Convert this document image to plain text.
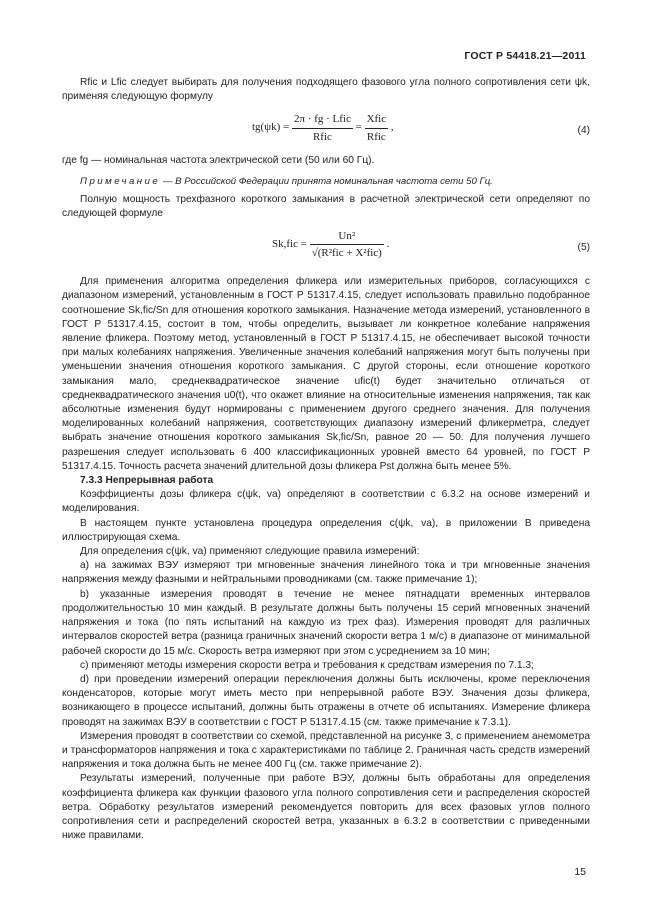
ГОСТ Р 54418.21—2011

Rfic и Lfic следует выбирать для получения подходящего фазового угла полного сопротивления сети ψk, применяя следующую формулу

$tg(\psi k) = \frac{\text{2π · fg · Lfic}}{\text{Rfic}} = \frac{\text{Xfic}}{\text{Rfic}}$ ,	(4)

где fg — номинальная частота электрической сети (50 или 60 Гц).

Примечание — В Российской Федерации принята номинальная частота сети 50 Гц.

Полную мощность трехфазного короткого замыкания в расчетной электрической сети определяют по следующей формуле

$Sk,fic = \frac{\text{Un²}}{\text{√(R²fic + X²fic)}}$ .	(5)

Для применения алгоритма определения фликера или измерительных приборов, согласующихся с диапазоном измерений, установленным в ГОСТ Р 51317.4.15, следует использовать правильно подобранное соотношение Sk,fic/Sn для отношения короткого замыкания. Назначение метода измерений, установленного в ГОСТ Р 51317.4.15, состоит в том, чтобы определить, вызывает ли конкретное колебание напряжения явление фликера. Поэтому метод, установленный в ГОСТ Р 51317.4.15, не обеспечивает высокой точности при малых колебаниях напряжения. Увеличенные значения колебаний напряжения могут быть получены при уменьшении значения отношения короткого замыкания. С другой стороны, если отношение короткого замыкания мало, среднеквадратическое значение ufic(t) будет значительно отличаться от среднеквадратического значения u0(t), что окажет влияние на относительные изменения напряжения, так как абсолютные изменения будут нормированы с применением другого среднего значения. Для получения моделированных колебаний напряжения, соответствующих диапазону измерений фликерметра, следует выбрать значение отношения короткого замыкания Sk,fic/Sn, равное 20 — 50. Для получения лучшего разрешения следует использовать 6 400 классификационных уровней вместо 64 уровней, по ГОСТ Р 51317.4.15. Точность расчета значений длительной дозы фликера Pst должна быть менее 5%.

7.3.3 Непрерывная работа

Коэффициенты дозы фликера c(ψk, va) определяют в соответствии с 6.3.2 на основе измерений и моделирования.

В настоящем пункте установлена процедура определения c(ψk, va), в приложении В приведена иллюстрирующая схема.

Для определения c(ψk, va) применяют следующие правила измерений:

а) на зажимах ВЭУ измеряют три мгновенные значения линейного тока и три мгновенные значения напряжения между фазными и нейтральными проводниками (см. также примечание 1);

b) указанные измерения проводят в течение не менее пятнадцати временных интервалов продолжительностью 10 мин каждый. В результате должны быть получены 15 серий мгновенных значений напряжения и тока (по пять испытаний на каждую из трех фаз). Измерения проводят для различных интервалов скоростей ветра (разница граничных значений скорости ветра 1 м/с) в диапазоне от минимальной рабочей скорости до 15 м/с. Скорость ветра измеряют при этом с усреднением за 10 мин;

c) применяют методы измерения скорости ветра и требования к средствам измерения по 7.1.3;

d) при проведении измерений операции переключения должны быть исключены, кроме переключения конденсаторов, которые могут иметь место при непрерывной работе ВЭУ. Значения дозы фликера, возникающего в процессе испытаний, должны быть отражены в отчете об испытаниях. Измерение фликера проводят на зажимах ВЭУ в соответствии с ГОСТ Р 51317.4.15 (см. также примечание к 7.3.1).

Измерения проводят в соответствии со схемой, представленной на рисунке 3, с применением анемометра и трансформаторов напряжения и тока с характеристиками по таблице 2. Граничная часть средств измерений напряжения и тока должна быть не менее 400 Гц (см. также примечание 2).

Результаты измерений, полученные при работе ВЭУ, должны быть обработаны для определения коэффициента фликера как функции фазового угла полного сопротивления сети и распределения скоростей ветра. Обработку результатов измерений рекомендуется повторить для всех фазовых углов полного сопротивления сети и распределений скоростей ветра, указанных в 6.3.2 в соответствии с приведенными ниже правилами.

15
